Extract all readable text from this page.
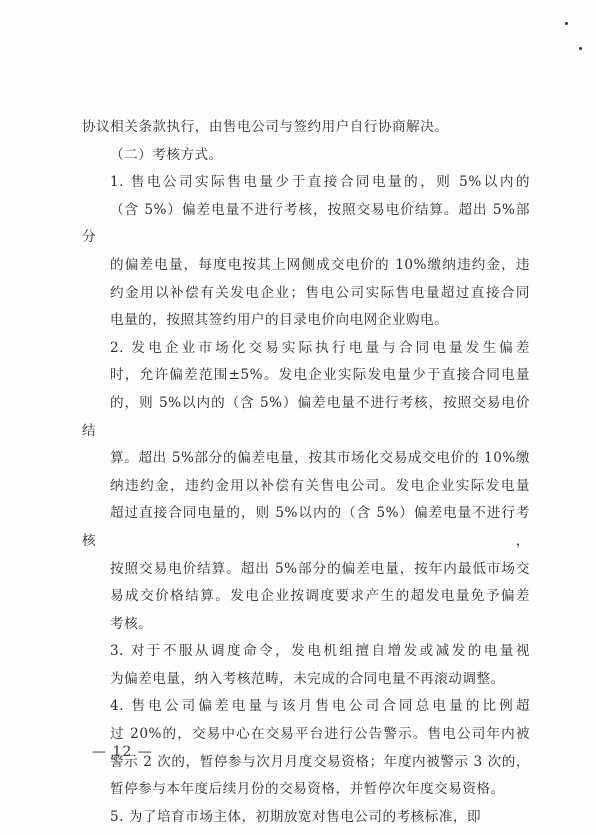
协议相关条款执行，由售电公司与签约用户自行协商解决。

（二）考核方式。

1. 售电公司实际售电量少于直接合同电量的，则 5%以内的
（含 5%）偏差电量不进行考核，按照交易电价结算。超出 5%部分
的偏差电量，每度电按其上网侧成交电价的 10%缴纳违约金，违
约金用以补偿有关发电企业；售电公司实际售电量超过直接合同
电量的，按照其签约用户的目录电价向电网企业购电。

2. 发电企业市场化交易实际执行电量与合同电量发生偏差
时，允许偏差范围±5%。发电企业实际发电量少于直接合同电量
的，则 5%以内的（含 5%）偏差电量不进行考核，按照交易电价结
算。超出 5%部分的偏差电量，按其市场化交易成交电价的 10%缴
纳违约金，违约金用以补偿有关售电公司。发电企业实际发电量
超过直接合同电量的，则 5%以内的（含 5%）偏差电量不进行考核，
按照交易电价结算。超出 5%部分的偏差电量，按年内最低市场交
易成交价格结算。发电企业按调度要求产生的超发电量免予偏差
考核。

3. 对于不服从调度命令，发电机组擅自增发或减发的电量视
为偏差电量，纳入考核范畴，未完成的合同电量不再滚动调整。

4. 售电公司偏差电量与该月售电公司合同总电量的比例超
过 20%的，交易中心在交易平台进行公告警示。售电公司年内被
警示 2 次的，暂停参与次月月度交易资格；年度内被警示 3 次的，
暂停参与本年度后续月份的交易资格，并暂停次年度交易资格。

5. 为了培育市场主体，初期放宽对售电公司的考核标准，即

— 12 —
